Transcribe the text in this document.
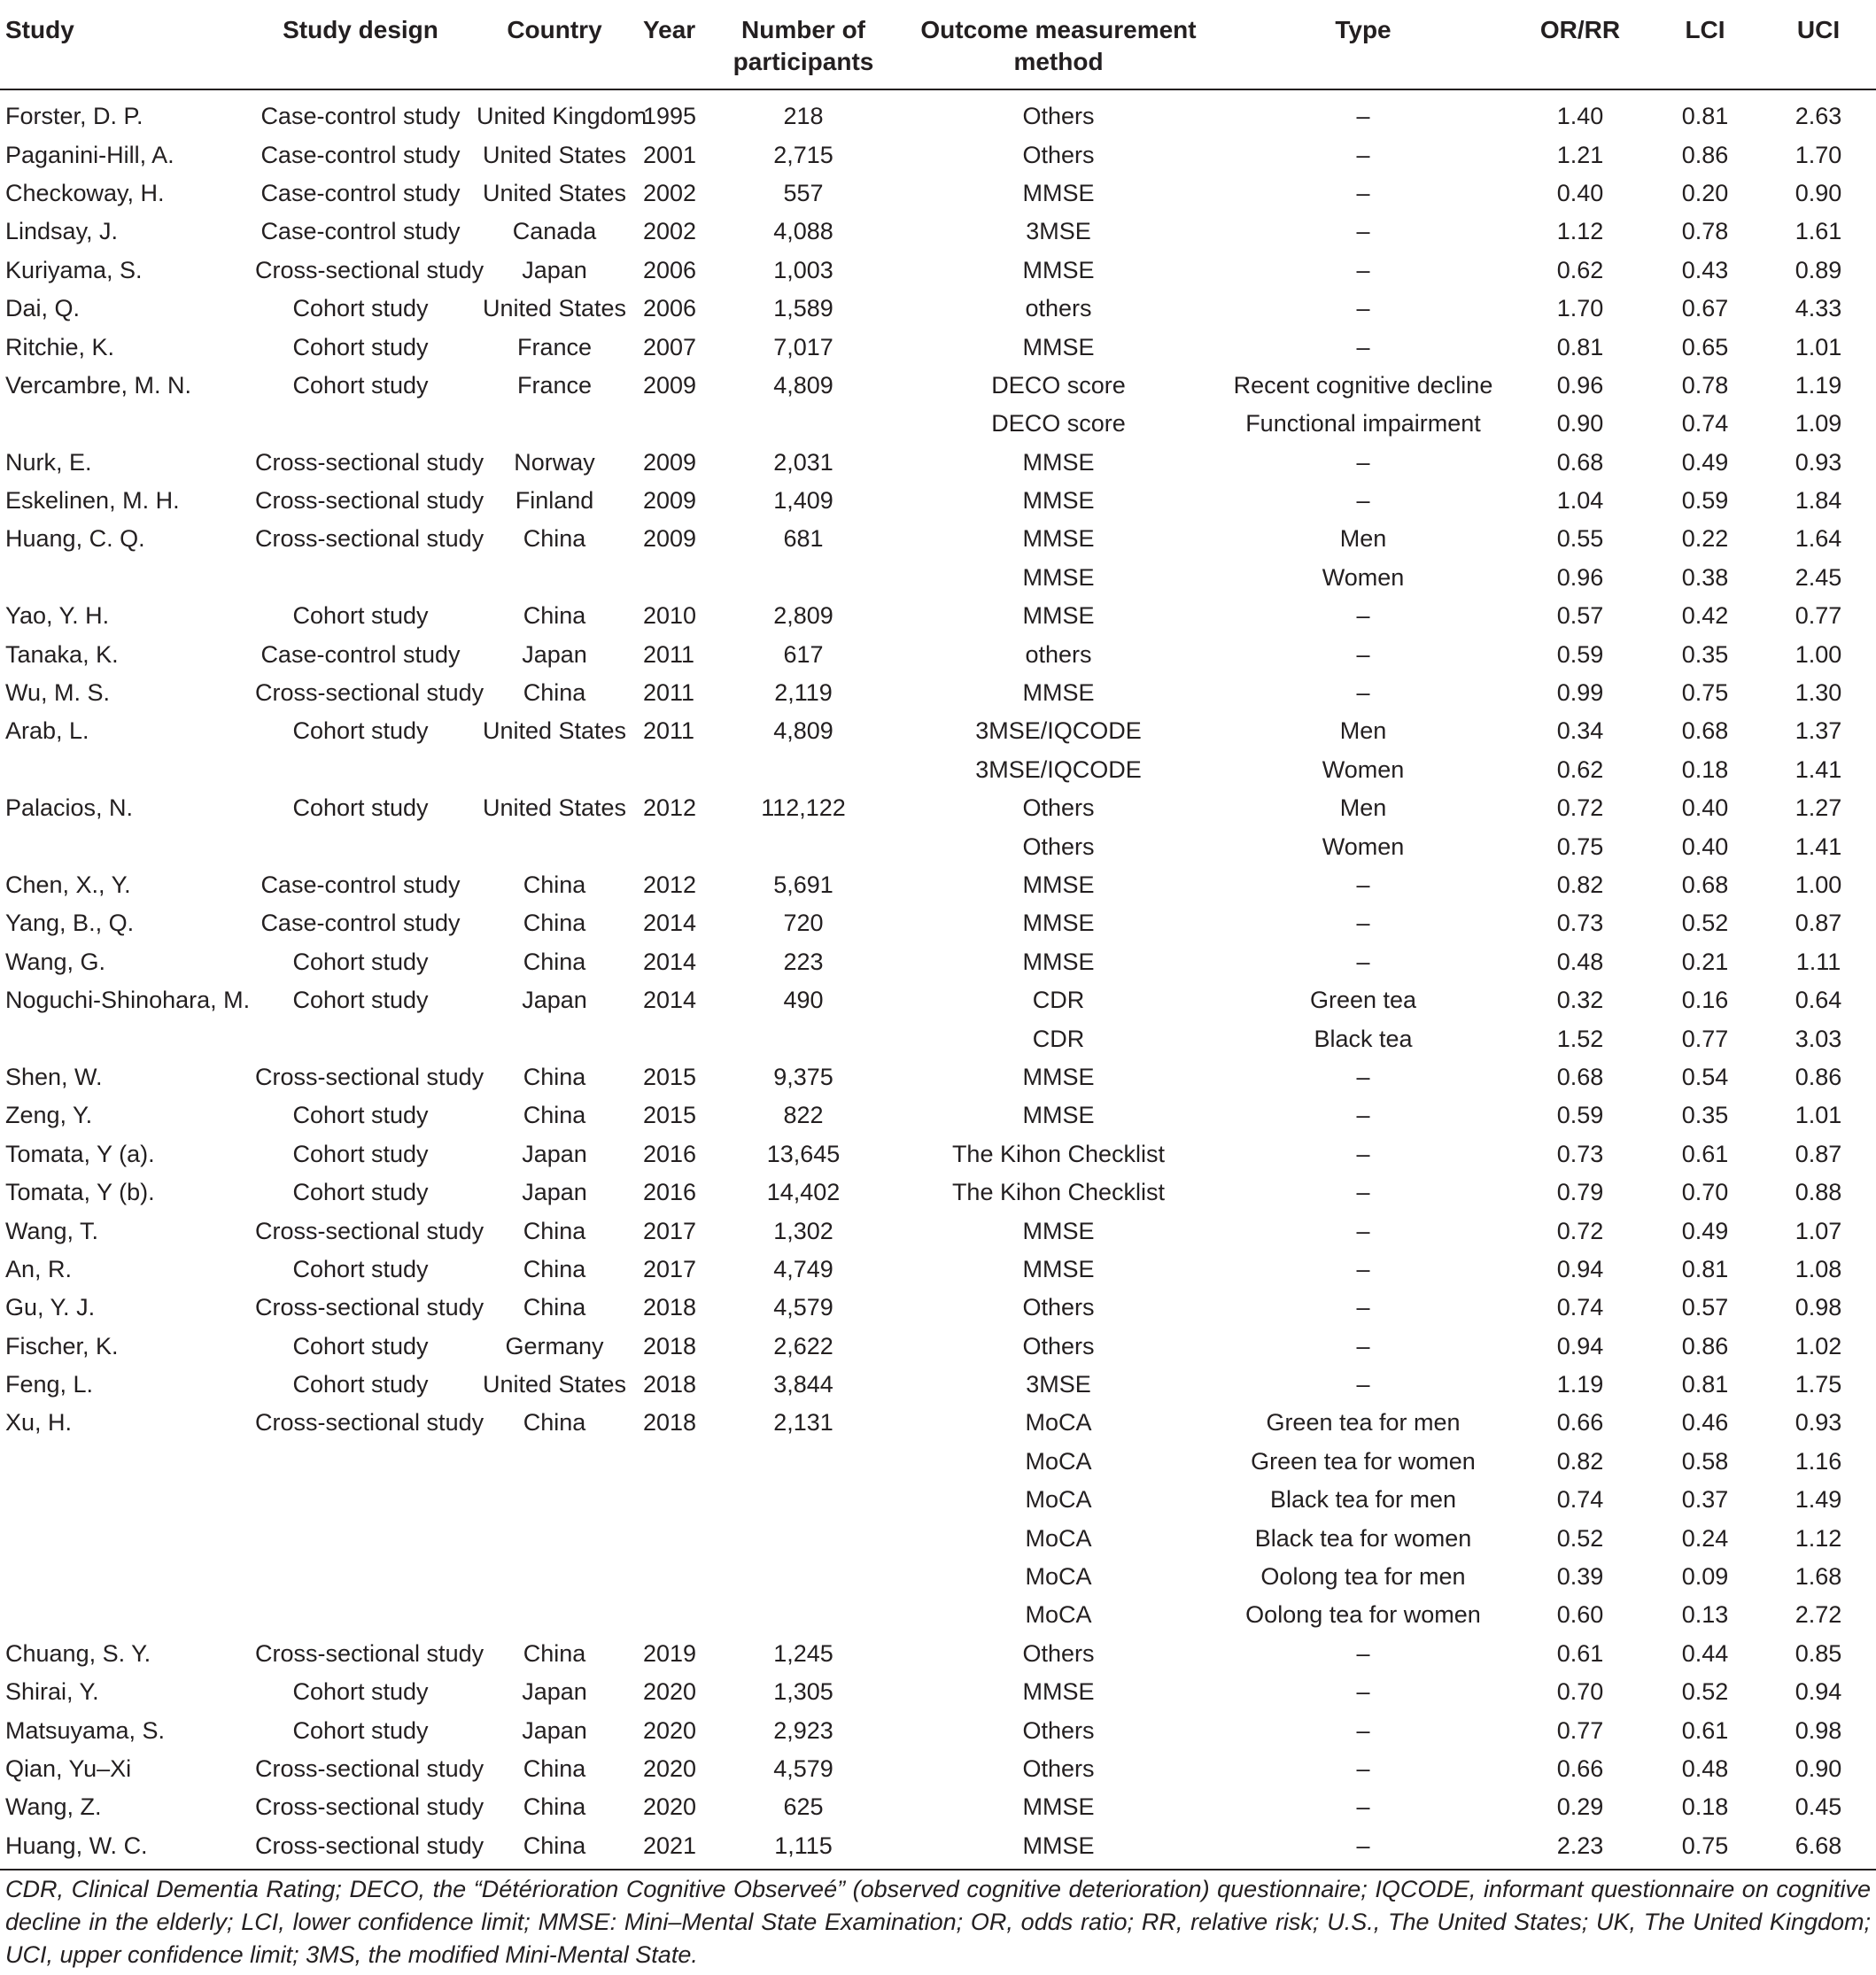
Study	Study design	Country	Year	Number of participants	Outcome measurement method	Type	OR/RR	LCI	UCI
Forster, D. P.	Case-control study	United Kingdom	1995	218	Others	–	1.40	0.81	2.63
Paganini-Hill, A.	Case-control study	United States	2001	2,715	Others	–	1.21	0.86	1.70
Checkoway, H.	Case-control study	United States	2002	557	MMSE	–	0.40	0.20	0.90
Lindsay, J.	Case-control study	Canada	2002	4,088	3MSE	–	1.12	0.78	1.61
Kuriyama, S.	Cross-sectional study	Japan	2006	1,003	MMSE	–	0.62	0.43	0.89
Dai, Q.	Cohort study	United States	2006	1,589	others	–	1.70	0.67	4.33
Ritchie, K.	Cohort study	France	2007	7,017	MMSE	–	0.81	0.65	1.01
Vercambre, M. N.	Cohort study	France	2009	4,809	DECO score	Recent cognitive decline	0.96	0.78	1.19
					DECO score	Functional impairment	0.90	0.74	1.09
Nurk, E.	Cross-sectional study	Norway	2009	2,031	MMSE	–	0.68	0.49	0.93
Eskelinen, M. H.	Cross-sectional study	Finland	2009	1,409	MMSE	–	1.04	0.59	1.84
Huang, C. Q.	Cross-sectional study	China	2009	681	MMSE	Men	0.55	0.22	1.64
					MMSE	Women	0.96	0.38	2.45
Yao, Y. H.	Cohort study	China	2010	2,809	MMSE	–	0.57	0.42	0.77
Tanaka, K.	Case-control study	Japan	2011	617	others	–	0.59	0.35	1.00
Wu, M. S.	Cross-sectional study	China	2011	2,119	MMSE	–	0.99	0.75	1.30
Arab, L.	Cohort study	United States	2011	4,809	3MSE/IQCODE	Men	0.34	0.68	1.37
					3MSE/IQCODE	Women	0.62	0.18	1.41
Palacios, N.	Cohort study	United States	2012	112,122	Others	Men	0.72	0.40	1.27
					Others	Women	0.75	0.40	1.41
Chen, X., Y.	Case-control study	China	2012	5,691	MMSE	–	0.82	0.68	1.00
Yang, B., Q.	Case-control study	China	2014	720	MMSE	–	0.73	0.52	0.87
Wang, G.	Cohort study	China	2014	223	MMSE	–	0.48	0.21	1.11
Noguchi-Shinohara, M.	Cohort study	Japan	2014	490	CDR	Green tea	0.32	0.16	0.64
					CDR	Black tea	1.52	0.77	3.03
Shen, W.	Cross-sectional study	China	2015	9,375	MMSE	–	0.68	0.54	0.86
Zeng, Y.	Cohort study	China	2015	822	MMSE	–	0.59	0.35	1.01
Tomata, Y (a).	Cohort study	Japan	2016	13,645	The Kihon Checklist	–	0.73	0.61	0.87
Tomata, Y (b).	Cohort study	Japan	2016	14,402	The Kihon Checklist	–	0.79	0.70	0.88
Wang, T.	Cross-sectional study	China	2017	1,302	MMSE	–	0.72	0.49	1.07
An, R.	Cohort study	China	2017	4,749	MMSE	–	0.94	0.81	1.08
Gu, Y. J.	Cross-sectional study	China	2018	4,579	Others	–	0.74	0.57	0.98
Fischer, K.	Cohort study	Germany	2018	2,622	Others	–	0.94	0.86	1.02
Feng, L.	Cohort study	United States	2018	3,844	3MSE	–	1.19	0.81	1.75
Xu, H.	Cross-sectional study	China	2018	2,131	MoCA	Green tea for men	0.66	0.46	0.93
					MoCA	Green tea for women	0.82	0.58	1.16
					MoCA	Black tea for men	0.74	0.37	1.49
					MoCA	Black tea for women	0.52	0.24	1.12
					MoCA	Oolong tea for men	0.39	0.09	1.68
					MoCA	Oolong tea for women	0.60	0.13	2.72
Chuang, S. Y.	Cross-sectional study	China	2019	1,245	Others	–	0.61	0.44	0.85
Shirai, Y.	Cohort study	Japan	2020	1,305	MMSE	–	0.70	0.52	0.94
Matsuyama, S.	Cohort study	Japan	2020	2,923	Others	–	0.77	0.61	0.98
Qian, Yu–Xi	Cross-sectional study	China	2020	4,579	Others	–	0.66	0.48	0.90
Wang, Z.	Cross-sectional study	China	2020	625	MMSE	–	0.29	0.18	0.45
Huang, W. C.	Cross-sectional study	China	2021	1,115	MMSE	–	2.23	0.75	6.68
CDR, Clinical Dementia Rating; DECO, the “Détérioration Cognitive Observeé” (observed cognitive deterioration) questionnaire; IQCODE, informant questionnaire on cognitive decline in the elderly; LCI, lower confidence limit; MMSE: Mini–Mental State Examination; OR, odds ratio; RR, relative risk; U.S., The United States; UK, The United Kingdom; UCI, upper confidence limit; 3MS, the modified Mini-Mental State.
